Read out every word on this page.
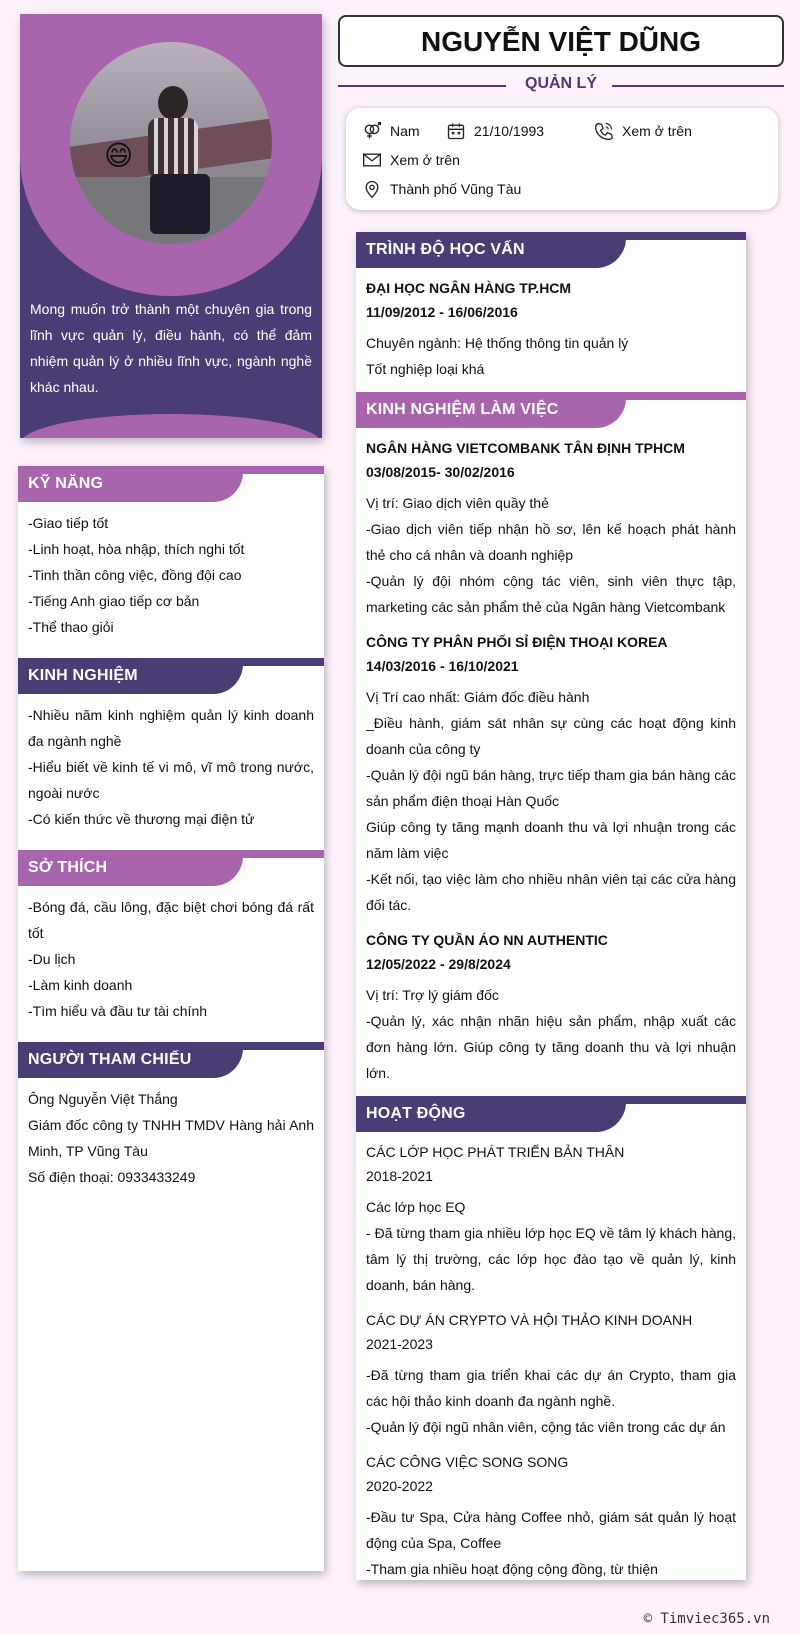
😄

Mong muốn trở thành một chuyên gia trong lĩnh vực quản lý, điều hành, có thể đảm nhiệm quản lý ở nhiều lĩnh vực, ngành nghề khác nhau.

KỸ NĂNG
-Giao tiếp tốt
-Linh hoạt, hòa nhập, thích nghi tốt
-Tinh thần công việc, đồng đội cao
-Tiếng Anh giao tiếp cơ bản
-Thể thao giỏi
KINH NGHIỆM
-Nhiều năm kinh nghiệm quản lý kinh doanh đa ngành nghề
-Hiểu biết về kinh tế vi mô, vĩ mô trong nước, ngoài nước
-Có kiến thức về thương mại điện tử
SỞ THÍCH
-Bóng đá, cầu lông, đặc biệt chơi bóng đá rất tốt
-Du lịch
-Làm kinh doanh
-Tìm hiểu và đầu tư tài chính
NGƯỜI THAM CHIẾU
Ông Nguyễn Việt Thắng
Giám đốc công ty TNHH TMDV Hàng hải Anh Minh, TP Vũng Tàu
Số điện thoại: 0933433249
NGUYỄN VIỆT DŨNG
QUẢN LÝ
Nam	21/10/1993	Xem ở trên
Xem ở trên
Thành phố Vũng Tàu
TRÌNH ĐỘ HỌC VẤN
ĐẠI HỌC NGÂN HÀNG TP.HCM
11/09/2012 - 16/06/2016
Chuyên ngành: Hệ thống thông tin quản lý
Tốt nghiệp loại khá
KINH NGHIỆM LÀM VIỆC
NGÂN HÀNG VIETCOMBANK TÂN ĐỊNH TPHCM
03/08/2015- 30/02/2016
Vị trí: Giao dịch viên quầy thẻ
-Giao dịch viên tiếp nhận hồ sơ, lên kế hoạch phát hành thẻ cho cá nhân và doanh nghiệp
-Quản lý đội nhóm cộng tác viên, sinh viên thực tập, marketing các sản phẩm thẻ của Ngân hàng Vietcombank
CÔNG TY PHÂN PHỐI SỈ ĐIỆN THOẠI KOREA
14/03/2016 - 16/10/2021
Vị Trí cao nhất: Giám đốc điều hành
_Điều hành, giám sát nhân sự cùng các hoạt động kinh doanh của công ty
-Quản lý đội ngũ bán hàng, trực tiếp tham gia bán hàng các sản phẩm điện thoại Hàn Quốc
Giúp công ty tăng mạnh doanh thu và lợi nhuận trong các năm làm việc
-Kết nối, tạo việc làm cho nhiều nhân viên tại các cửa hàng đối tác.
CÔNG TY QUẦN ÁO NN AUTHENTIC
12/05/2022 - 29/8/2024
Vị trí: Trợ lý giám đốc
-Quản lý, xác nhận nhãn hiệu sản phẩm, nhập xuất các đơn hàng lớn. Giúp công ty tăng doanh thu và lợi nhuận lớn.
HOẠT ĐỘNG
CÁC LỚP HỌC PHÁT TRIỂN BẢN THÂN
2018-2021
Các lớp học EQ
- Đã từng tham gia nhiều lớp học EQ về tâm lý khách hàng, tâm lý thị trường, các lớp học đào tạo về quản lý, kinh doanh, bán hàng.
CÁC DỰ ÁN CRYPTO VÀ HỘI THẢO KINH DOANH
2021-2023
-Đã từng tham gia triển khai các dự án Crypto, tham gia các hội thảo kinh doanh đa ngành nghề.
-Quản lý đội ngũ nhân viên, cộng tác viên trong các dự án
CÁC CÔNG VIỆC SONG SONG
2020-2022
-Đầu tư Spa, Cửa hàng Coffee nhỏ, giám sát quản lý hoạt động của Spa, Coffee
-Tham gia nhiều hoạt động cộng đồng, từ thiện
© Timviec365.vn
